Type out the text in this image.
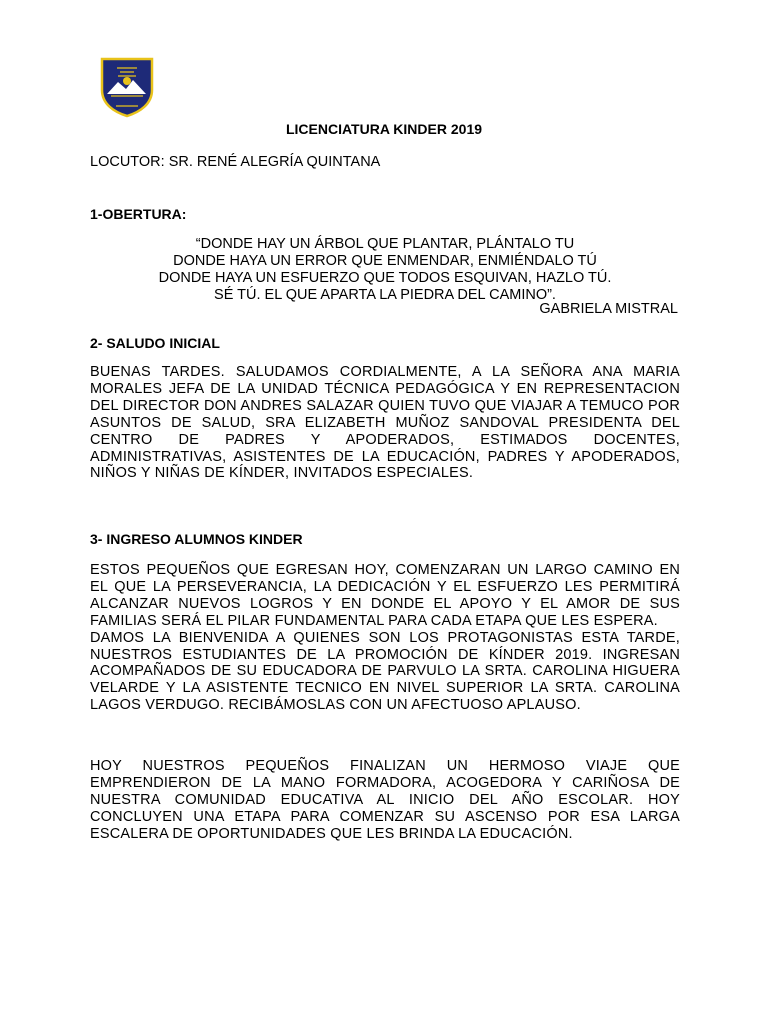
LICENCIATURA KINDER 2019
LOCUTOR: SR. RENÉ ALEGRÍA QUINTANA
1-OBERTURA:
“DONDE HAY UN ÁRBOL QUE PLANTAR, PLÁNTALO TU
DONDE HAYA UN ERROR QUE ENMENDAR, ENMIÉNDALO TÚ
DONDE HAYA UN ESFUERZO QUE TODOS ESQUIVAN, HAZLO TÚ.
SÉ TÚ. EL QUE APARTA LA PIEDRA DEL CAMINO”.
GABRIELA MISTRAL
2- SALUDO INICIAL

BUENAS TARDES. SALUDAMOS CORDIALMENTE, A LA SEÑORA ANA MARIA MORALES JEFA DE LA UNIDAD TÉCNICA PEDAGÓGICA Y EN REPRESENTACION DEL DIRECTOR DON ANDRES SALAZAR QUIEN TUVO QUE VIAJAR A TEMUCO POR ASUNTOS DE SALUD, SRA ELIZABETH MUÑOZ SANDOVAL PRESIDENTA DEL CENTRO DE PADRES Y APODERADOS, ESTIMADOS DOCENTES, ADMINISTRATIVAS, ASISTENTES DE LA EDUCACIÓN, PADRES Y APODERADOS, NIÑOS Y NIÑAS DE KÍNDER, INVITADOS ESPECIALES.

3- INGRESO ALUMNOS KINDER

ESTOS PEQUEÑOS QUE EGRESAN HOY, COMENZARAN UN LARGO CAMINO EN EL QUE LA PERSEVERANCIA, LA DEDICACIÓN Y EL ESFUERZO LES PERMITIRÁ ALCANZAR NUEVOS LOGROS Y EN DONDE EL APOYO Y EL AMOR DE SUS FAMILIAS SERÁ EL PILAR FUNDAMENTAL PARA CADA ETAPA QUE LES ESPERA.

DAMOS LA BIENVENIDA A QUIENES SON LOS PROTAGONISTAS ESTA TARDE, NUESTROS ESTUDIANTES DE LA PROMOCIÓN DE KÍNDER 2019. INGRESAN ACOMPAÑADOS DE SU EDUCADORA DE PARVULO LA SRTA. CAROLINA HIGUERA VELARDE Y LA ASISTENTE TECNICO EN NIVEL SUPERIOR LA SRTA. CAROLINA LAGOS VERDUGO. RECIBÁMOSLAS CON UN AFECTUOSO APLAUSO.

HOY NUESTROS PEQUEÑOS FINALIZAN UN HERMOSO VIAJE QUE EMPRENDIERON DE LA MANO FORMADORA, ACOGEDORA Y CARIÑOSA DE NUESTRA COMUNIDAD EDUCATIVA AL INICIO DEL AÑO ESCOLAR. HOY CONCLUYEN UNA ETAPA PARA COMENZAR SU ASCENSO POR ESA LARGA ESCALERA DE OPORTUNIDADES QUE LES BRINDA LA EDUCACIÓN.
